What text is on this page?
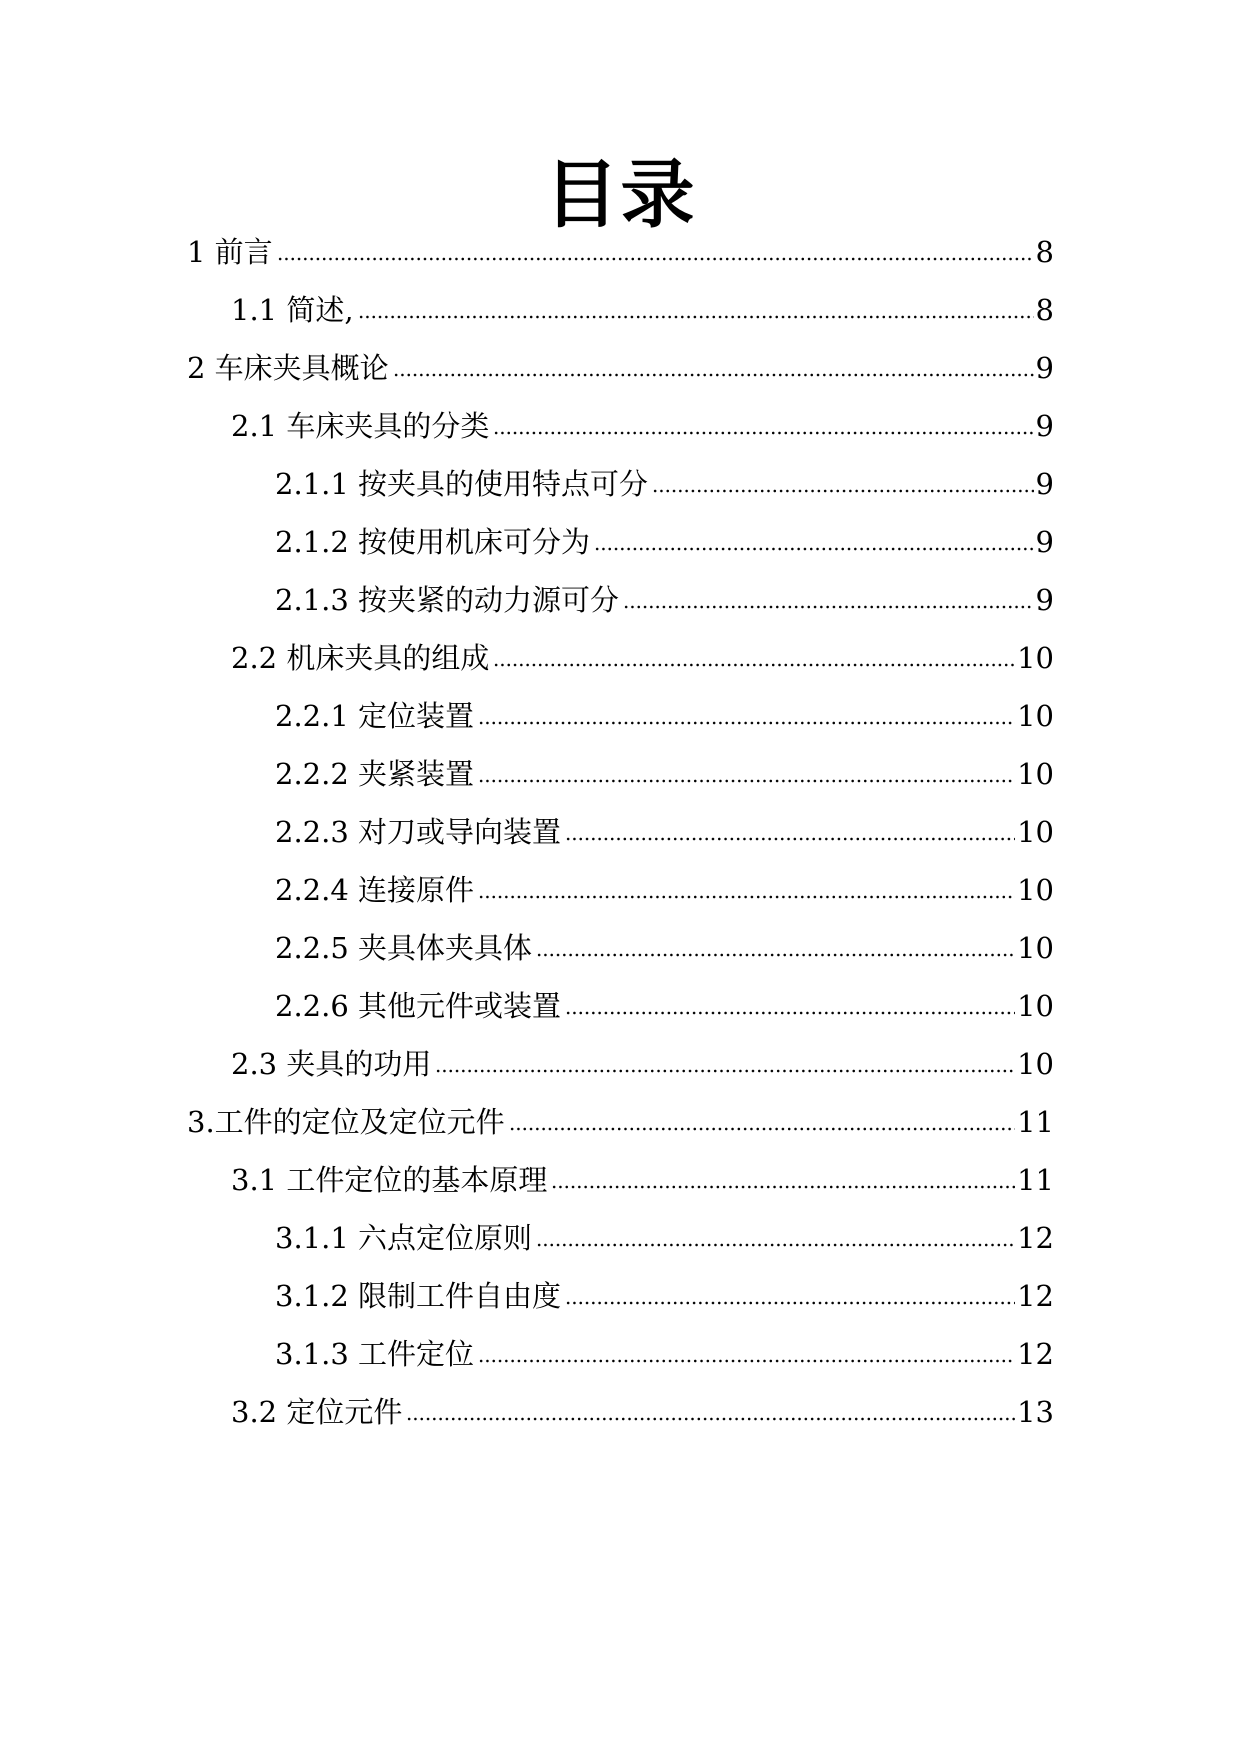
目录
1 前言	8
1.1 简述,	8
2 车床夹具概论	9
2.1 车床夹具的分类	9
2.1.1 按夹具的使用特点可分	9
2.1.2 按使用机床可分为	9
2.1.3 按夹紧的动力源可分	9
2.2 机床夹具的组成	10
2.2.1 定位装置	10
2.2.2 夹紧装置	10
2.2.3 对刀或导向装置	10
2.2.4 连接原件	10
2.2.5 夹具体夹具体	10
2.2.6 其他元件或装置	10
2.3 夹具的功用	10
3.工件的定位及定位元件	11
3.1 工件定位的基本原理	11
3.1.1 六点定位原则	12
3.1.2 限制工件自由度	12
3.1.3 工件定位	12
3.2 定位元件	13
